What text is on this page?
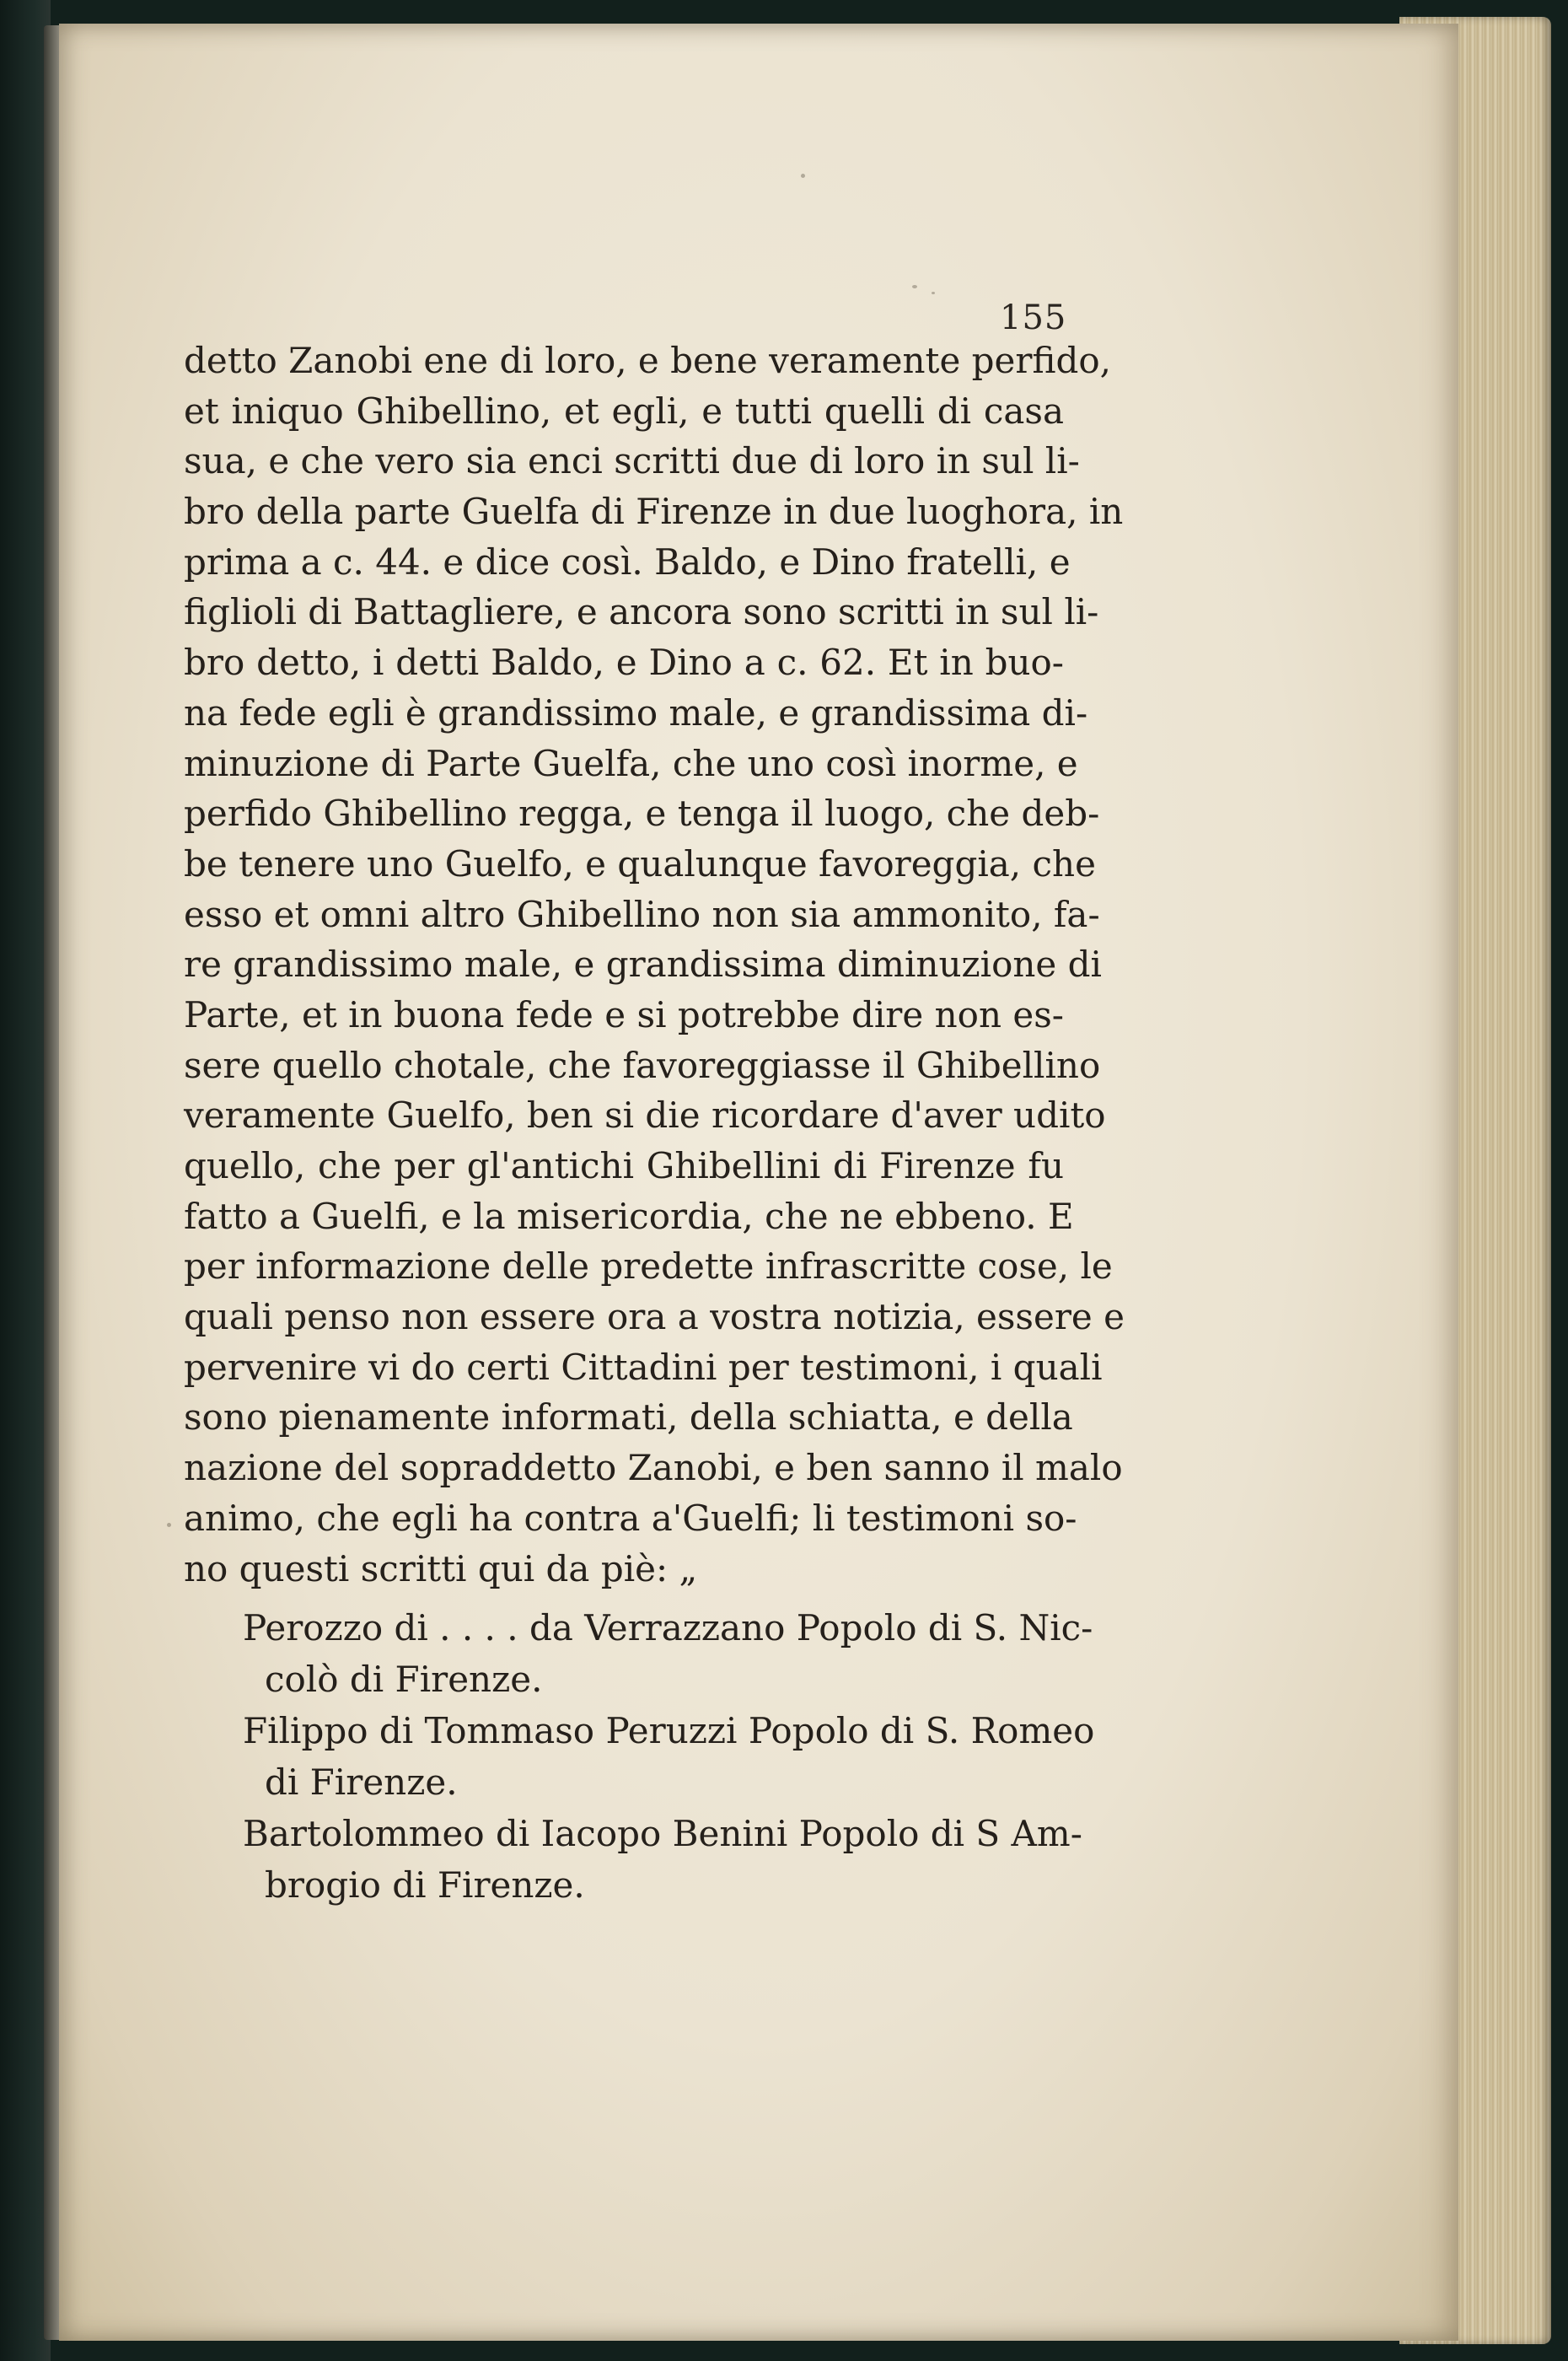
155
detto Zanobi ene di loro, e bene veramente perfido,
et iniquo Ghibellino, et egli, e tutti quelli di casa
sua, e che vero sia enci scritti due di loro in sul li-
bro della parte Guelfa di Firenze in due luoghora, in
prima a c. 44. e dice così. Baldo, e Dino fratelli, e
figlioli di Battagliere, e ancora sono scritti in sul li-
bro detto, i detti Baldo, e Dino a c. 62. Et in buo-
na fede egli è grandissimo male, e grandissima di-
minuzione di Parte Guelfa, che uno così inorme, e
perfido Ghibellino regga, e tenga il luogo, che deb-
be tenere uno Guelfo, e qualunque favoreggia, che
esso et omni altro Ghibellino non sia ammonito, fa-
re grandissimo male, e grandissima diminuzione di
Parte, et in buona fede e si potrebbe dire non es-
sere quello chotale, che favoreggiasse il Ghibellino
veramente Guelfo, ben si die ricordare d'aver udito
quello, che per gl'antichi Ghibellini di Firenze fu
fatto a Guelfi, e la misericordia, che ne ebbeno. E
per informazione delle predette infrascritte cose, le
quali penso non essere ora a vostra notizia, essere e
pervenire vi do certi Cittadini per testimoni, i quali
sono pienamente informati, della schiatta, e della
nazione del sopraddetto Zanobi, e ben sanno il malo
animo, che egli ha contra a'Guelfi; li testimoni so-
no questi scritti qui da piè: „
Perozzo di . . . . da Verrazzano Popolo di S. Nic-
colò di Firenze.
Filippo di Tommaso Peruzzi Popolo di S. Romeo
di Firenze.
Bartolommeo di Iacopo Benini Popolo di S Am-
brogio di Firenze.
